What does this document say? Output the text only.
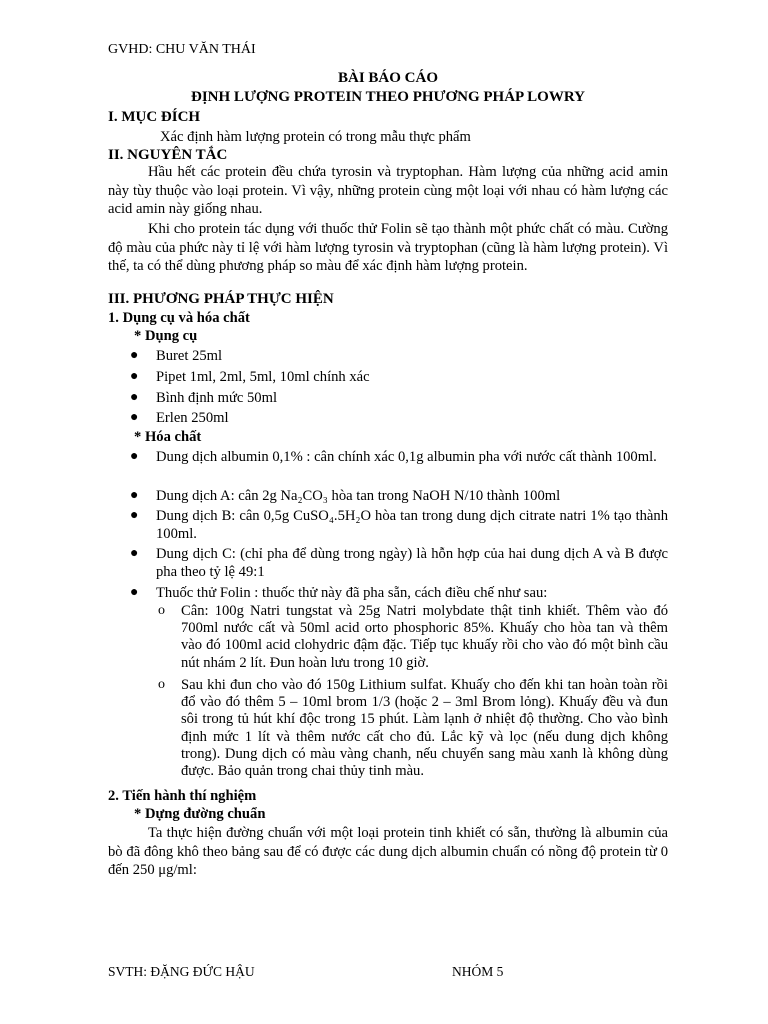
GVHD: CHU VĂN THÁI
BÀI BÁO CÁO
ĐỊNH LƯỢNG PROTEIN THEO PHƯƠNG PHÁP LOWRY
I. MỤC ĐÍCH
Xác định hàm lượng protein có trong mẫu thực phẩm
II. NGUYÊN TẮC
Hầu hết các protein đều chứa tyrosin và tryptophan. Hàm lượng của những acid amin này tùy thuộc vào loại protein. Vì vậy, những protein cùng một loại với nhau có hàm lượng các acid amin này giống nhau.
Khi cho protein tác dụng với thuốc thử Folin sẽ tạo thành một phức chất có màu. Cường độ màu của phức này tỉ lệ với hàm lượng tyrosin và tryptophan (cũng là hàm lượng protein). Vì thế, ta có thể dùng phương pháp so màu để xác định hàm lượng protein.
III. PHƯƠNG PHÁP THỰC HIỆN
1. Dụng cụ và hóa chất
* Dụng cụ
● Buret 25ml
● Pipet 1ml, 2ml, 5ml, 10ml chính xác
● Bình định mức 50ml
● Erlen 250ml
* Hóa chất
● Dung dịch albumin 0,1% : cân chính xác 0,1g albumin pha với nước cất thành 100ml.
● Dung dịch A: cân 2g Na₂CO₃ hòa tan trong NaOH N/10 thành 100ml
● Dung dịch B: cân 0,5g CuSO₄.5H₂O hòa tan trong dung dịch citrate natri 1% tạo thành 100ml.
● Dung dịch C: (chỉ pha để dùng trong ngày) là hỗn hợp của hai dung dịch A và B được pha theo tỷ lệ 49:1
● Thuốc thử Folin : thuốc thử này đã pha sẵn, cách điều chế như sau:
o Cân: 100g Natri tungstat và 25g Natri molybdate thật tinh khiết. Thêm vào đó 700ml nước cất và 50ml acid orto phosphoric 85%. Khuấy cho hòa tan và thêm vào đó 100ml acid clohydric đậm đặc. Tiếp tục khuấy rồi cho vào đó một bình cầu nút nhám 2 lít. Đun hoàn lưu trong 10 giờ.
o Sau khi đun cho vào đó 150g Lithium sulfat. Khuấy cho đến khi tan hoàn toàn rồi đổ vào đó thêm 5 – 10ml brom 1/3 (hoặc 2 – 3ml Brom lỏng). Khuấy đều và đun sôi trong tủ hút khí độc trong 15 phút. Làm lạnh ở nhiệt độ thường. Cho vào bình định mức 1 lít và thêm nước cất cho đủ. Lắc kỹ và lọc (nếu dung dịch không trong). Dung dịch có màu vàng chanh, nếu chuyển sang màu xanh là không dùng được. Bảo quản trong chai thủy tinh màu.
2. Tiến hành thí nghiệm
* Dựng đường chuẩn
Ta thực hiện đường chuẩn với một loại protein tinh khiết có sẵn, thường là albumin của bò đã đông khô theo bảng sau để có được các dung dịch albumin chuẩn có nồng độ protein từ 0 đến 250 μg/ml:
SVTH: ĐẶNG ĐỨC HẬU	NHÓM 5
